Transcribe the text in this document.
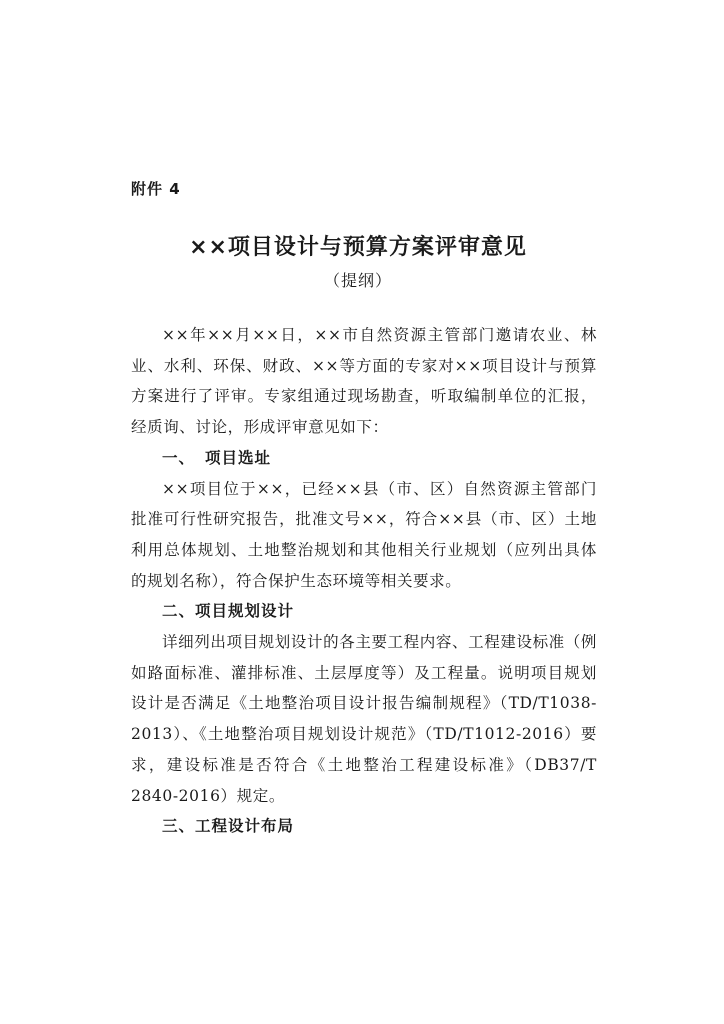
附件 4
××项目设计与预算方案评审意见
（提纲）

××年××月××日，××市自然资源主管部门邀请农业、林业、水利、环保、财政、××等方面的专家对××项目设计与预算方案进行了评审。专家组通过现场勘查，听取编制单位的汇报，经质询、讨论，形成评审意见如下：

一、 项目选址

××项目位于××，已经××县（市、区）自然资源主管部门批准可行性研究报告，批准文号××，符合××县（市、区）土地利用总体规划、土地整治规划和其他相关行业规划（应列出具体的规划名称），符合保护生态环境等相关要求。

二、项目规划设计

详细列出项目规划设计的各主要工程内容、工程建设标准（例如路面标准、灌排标准、土层厚度等）及工程量。说明项目规划设计是否满足《土地整治项目设计报告编制规程》（TD/T1038-2013）、《土地整治项目规划设计规范》（TD/T1012-2016）要求，建设标准是否符合《土地整治工程建设标准》（DB37/T 2840-2016）规定。

三、工程设计布局
